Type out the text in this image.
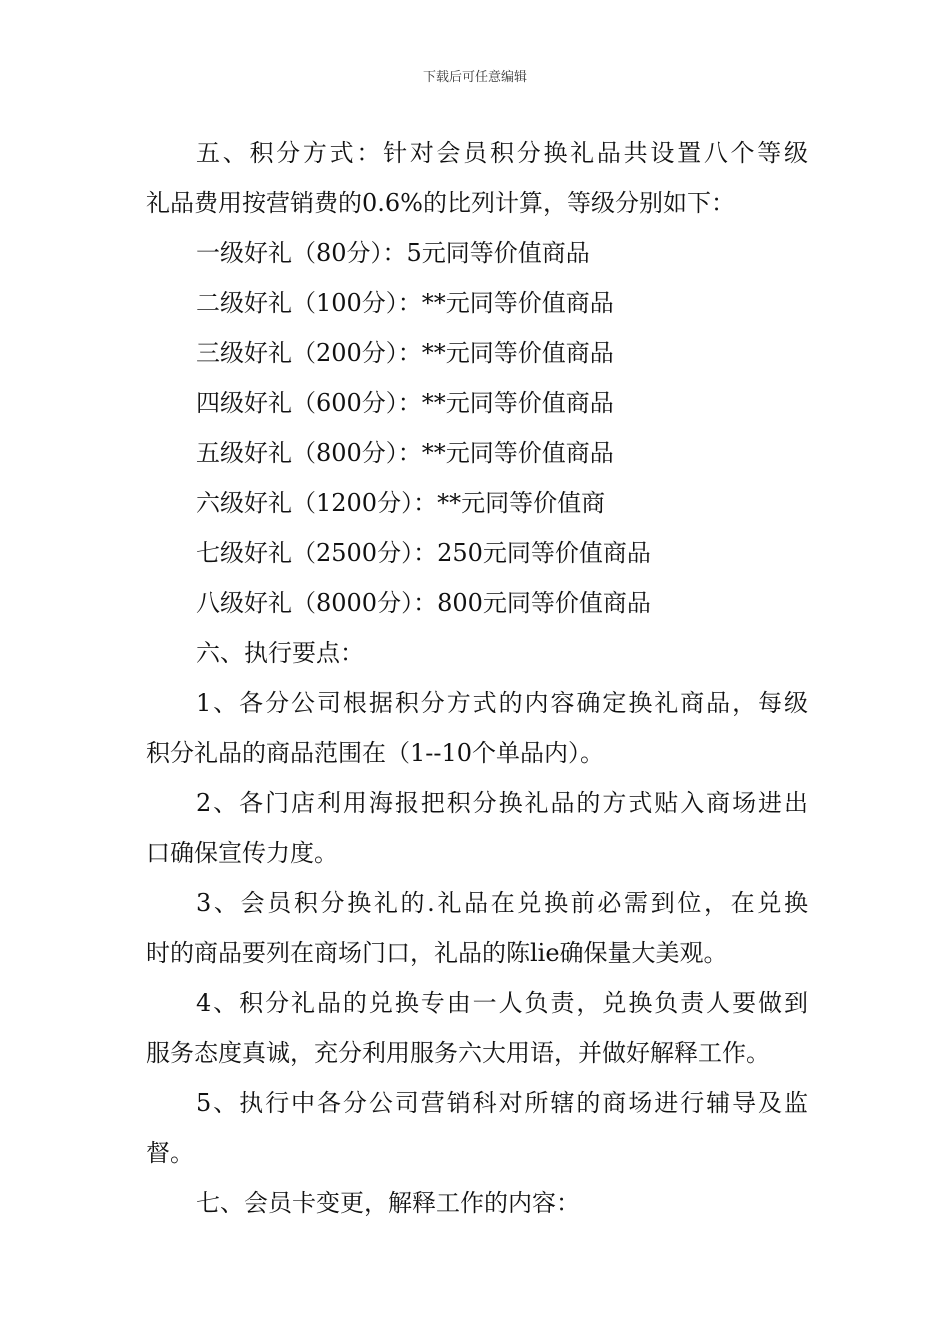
下载后可任意编辑
五、积分方式：针对会员积分换礼品共设置八个等级
礼品费用按营销费的0.6%的比列计算，等级分别如下：
一级好礼（80分）：5元同等价值商品
二级好礼（100分）：**元同等价值商品
三级好礼（200分）：**元同等价值商品
四级好礼（600分）：**元同等价值商品
五级好礼（800分）：**元同等价值商品
六级好礼（1200分）：**元同等价值商
七级好礼（2500分）：250元同等价值商品
八级好礼（8000分）：800元同等价值商品
六、执行要点：
1、各分公司根据积分方式的内容确定换礼商品，每级
积分礼品的商品范围在（1--10个单品内）。
2、各门店利用海报把积分换礼品的方式贴入商场进出
口确保宣传力度。
3、会员积分换礼的.礼品在兑换前必需到位，在兑换
时的商品要列在商场门口，礼品的陈lie确保量大美观。
4、积分礼品的兑换专由一人负责，兑换负责人要做到
服务态度真诚，充分利用服务六大用语，并做好解释工作。
5、执行中各分公司营销科对所辖的商场进行辅导及监
督。
七、会员卡变更，解释工作的内容：
